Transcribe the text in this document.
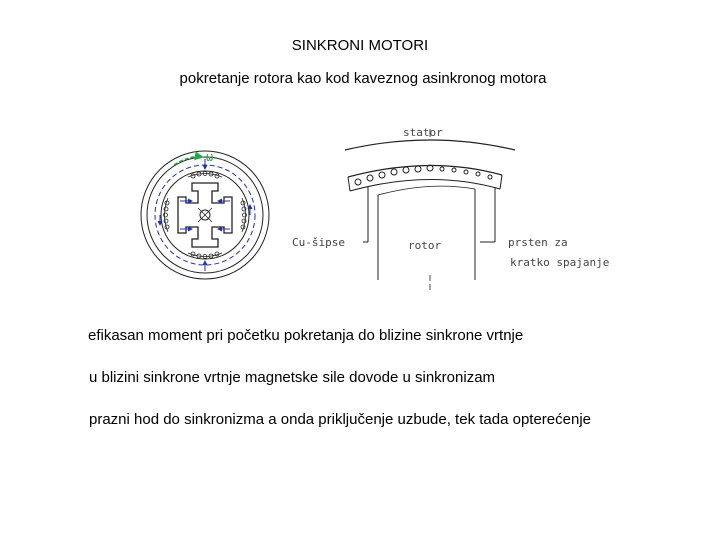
SINKRONI MOTORI
pokretanje rotora kao kod kaveznog asinkronog motora
ω
stator
rotor
Cu-šipse	prsten za
kratko spajanje
efikasan moment pri početku pokretanja do blizine sinkrone vrtnje
u blizini sinkrone vrtnje magnetske sile dovode u sinkronizam
prazni hod do sinkronizma a onda priključenje uzbude, tek tada opterećenje
